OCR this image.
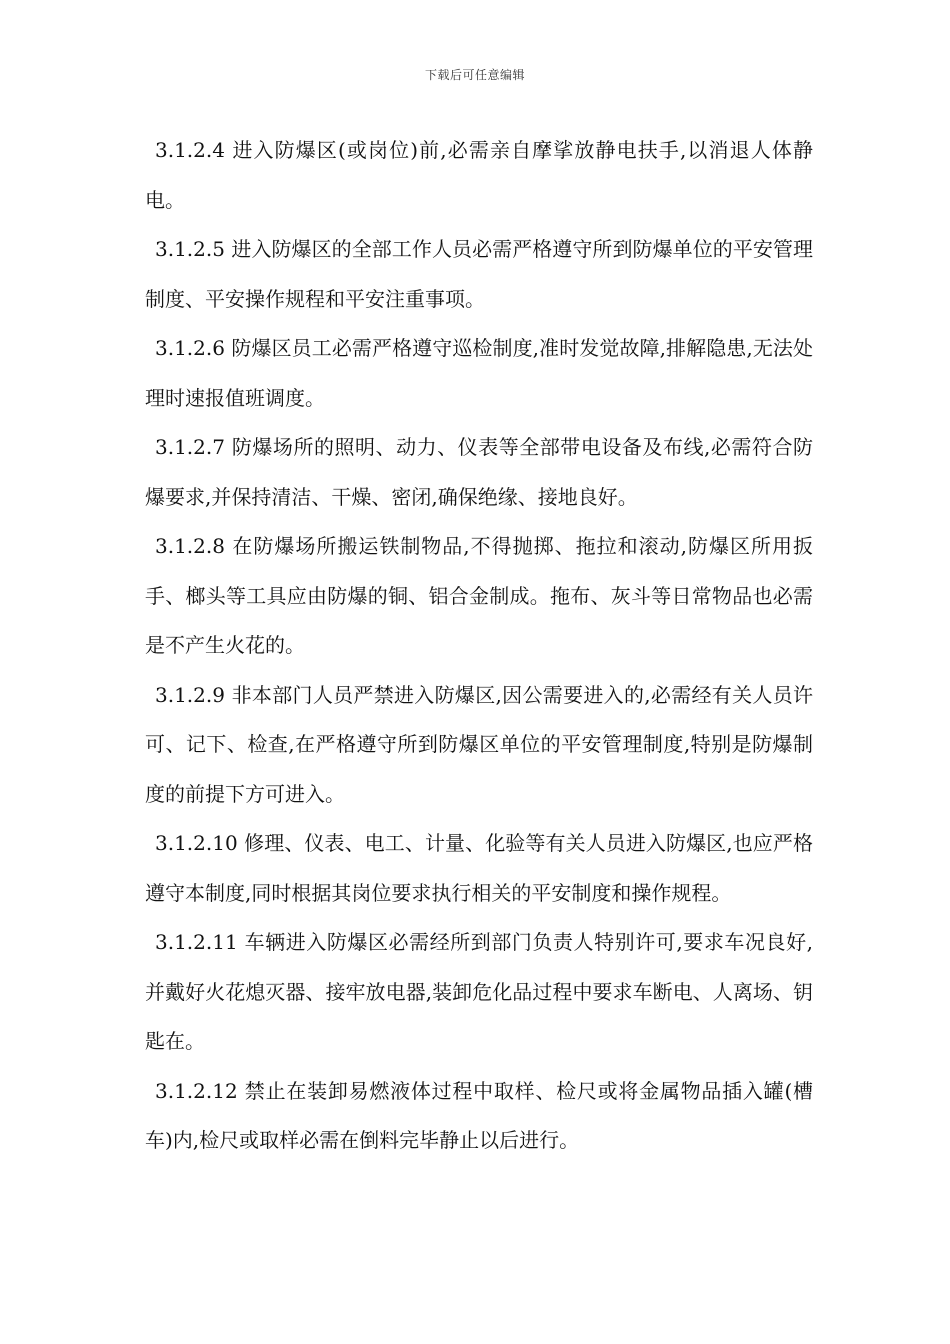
下载后可任意编辑

3.1.2.4 进入防爆区(或岗位)前,必需亲自摩挲放静电扶手,以消退人体静电。

3.1.2.5 进入防爆区的全部工作人员必需严格遵守所到防爆单位的平安管理制度、平安操作规程和平安注重事项。

3.1.2.6 防爆区员工必需严格遵守巡检制度,准时发觉故障,排解隐患,无法处理时速报值班调度。

3.1.2.7 防爆场所的照明、动力、仪表等全部带电设备及布线,必需符合防爆要求,并保持清洁、干燥、密闭,确保绝缘、接地良好。

3.1.2.8 在防爆场所搬运铁制物品,不得抛掷、拖拉和滚动,防爆区所用扳手、榔头等工具应由防爆的铜、铝合金制成。拖布、灰斗等日常物品也必需是不产生火花的。

3.1.2.9 非本部门人员严禁进入防爆区,因公需要进入的,必需经有关人员许可、记下、检查,在严格遵守所到防爆区单位的平安管理制度,特别是防爆制度的前提下方可进入。

3.1.2.10 修理、仪表、电工、计量、化验等有关人员进入防爆区,也应严格遵守本制度,同时根据其岗位要求执行相关的平安制度和操作规程。

3.1.2.11 车辆进入防爆区必需经所到部门负责人特别许可,要求车况良好,并戴好火花熄灭器、接牢放电器,装卸危化品过程中要求车断电、人离场、钥匙在。

3.1.2.12 禁止在装卸易燃液体过程中取样、检尺或将金属物品插入罐(槽车)内,检尺或取样必需在倒料完毕静止以后进行。
